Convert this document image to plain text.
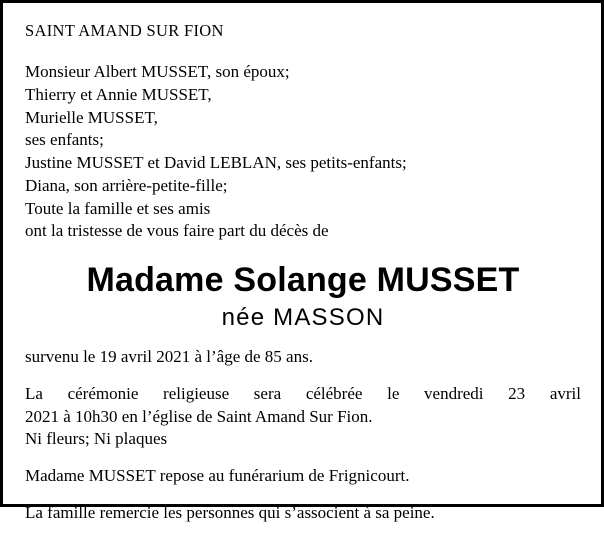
SAINT AMAND SUR FION
Monsieur Albert MUSSET, son époux;
Thierry et Annie MUSSET,
Murielle MUSSET,
ses enfants;
Justine MUSSET et David LEBLAN, ses petits-enfants;
Diana, son arrière-petite-fille;
Toute la famille et ses amis
ont la tristesse de vous faire part du décès de
Madame Solange MUSSET
née MASSON
survenu le 19 avril 2021 à l’âge de 85 ans.
La cérémonie religieuse sera célébrée le vendredi 23 avril
2021 à 10h30 en l’église de Saint Amand Sur Fion.
Ni fleurs; Ni plaques
Madame MUSSET repose au funérarium de Frignicourt.
La famille remercie les personnes qui s’associent à sa peine.
